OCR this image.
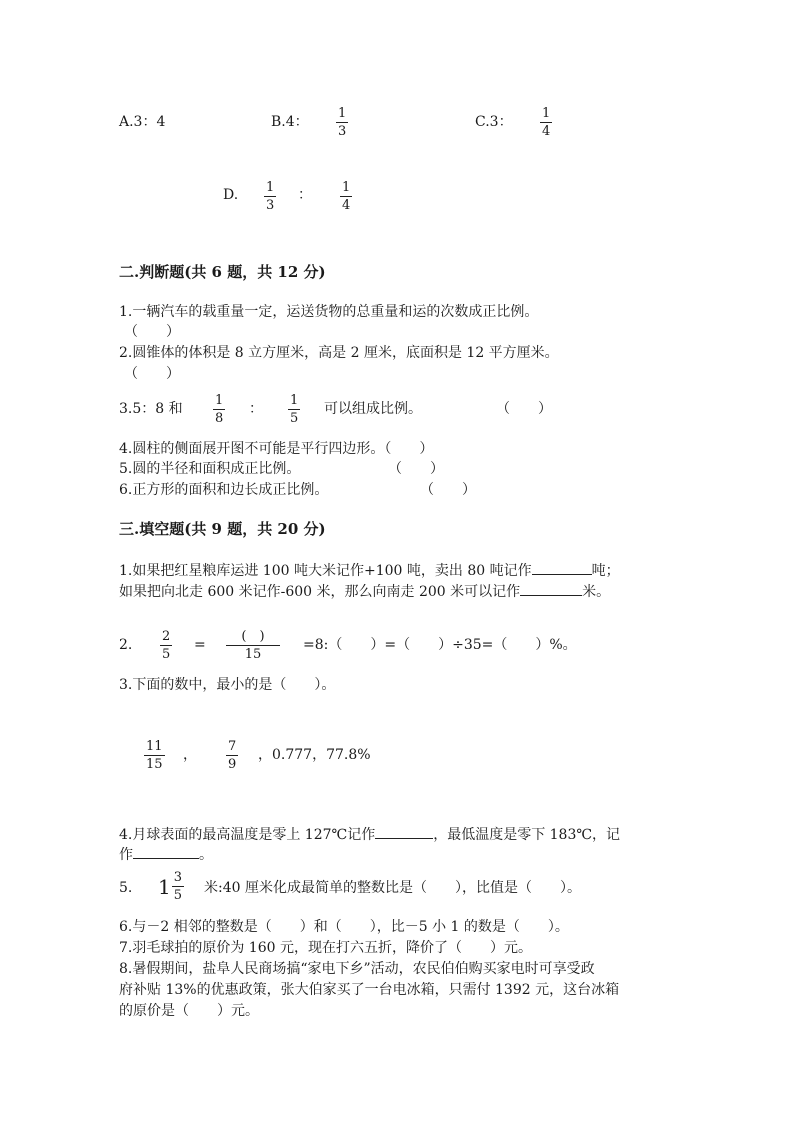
A.3：4	B.4：
1
3
C.3：
1
4
D. 1
3
： 1
4
二.判断题(共 6 题，共 12 分)
1.一辆汽车的载重量一定，运送货物的总重量和运的次数成正比例。
（　　）
2.圆锥体的体积是 8 立方厘米，高是 2 厘米，底面积是 12 平方厘米。
（　　）
3.5：8 和
1
8
：
1
5
可以组成比例。	（　　）
4.圆柱的侧面展开图不可能是平行四边形。（　　）
5.圆的半径和面积成正比例。	（　　）
6.正方形的面积和边长成正比例。	（　　）
三.填空题(共 9 题，共 20 分)
1.如果把红星粮库运进 100 吨大米记作+100 吨，卖出 80 吨记作	吨；
如果把向北走 600 米记作-600 米，那么向南走 200 米可以记作	米。
2.
2
5
=
(　)
15
=8:（　　）=（　　）÷35=（　　）%。
3.下面的数中，最小的是（　　）。
11
15
，
7
9
，0.777，77.8%
4.月球表面的最高温度是零上 127℃记作	，最低温度是零下 183℃，记
作	。
5. $1 \frac{3}{5}$ 米:40 厘米化成最简单的整数比是（　　），比值是（　　）。
6.与－2 相邻的整数是（　　）和（　　），比－5 小 1 的数是（　　）。
7.羽毛球拍的原价为 160 元，现在打六五折，降价了（　　）元。
8.暑假期间，盐阜人民商场搞“家电下乡”活动，农民伯伯购买家电时可享受政
府补贴 13%的优惠政策，张大伯家买了一台电冰箱，只需付 1392 元，这台冰箱
的原价是（　　）元。
